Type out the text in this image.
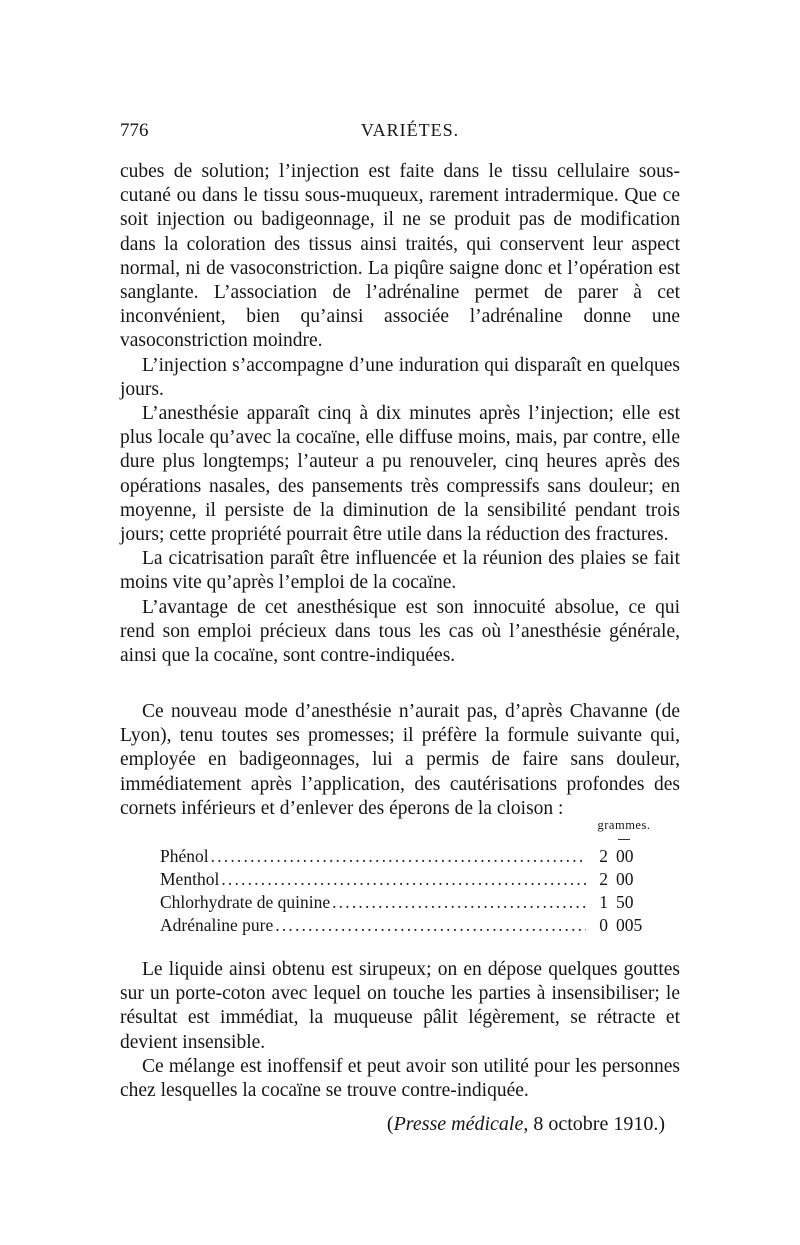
776	VARIÉTES.

cubes de solution; l’injection est faite dans le tissu cellulaire sous-cutané ou dans le tissu sous-muqueux, rarement intradermique. Que ce soit injection ou badigeonnage, il ne se produit pas de modification dans la coloration des tissus ainsi traités, qui conservent leur aspect normal, ni de vasoconstriction. La piqûre saigne donc et l’opération est sanglante. L’association de l’adrénaline permet de parer à cet inconvénient, bien qu’ainsi associée l’adrénaline donne une vasoconstriction moindre.

L’injection s’accompagne d’une induration qui disparaît en quelques jours.

L’anesthésie apparaît cinq à dix minutes après l’injection; elle est plus locale qu’avec la cocaïne, elle diffuse moins, mais, par contre, elle dure plus longtemps; l’auteur a pu renouveler, cinq heures après des opérations nasales, des pansements très compressifs sans douleur; en moyenne, il persiste de la diminution de la sensibilité pendant trois jours; cette propriété pourrait être utile dans la réduction des fractures.

La cicatrisation paraît être influencée et la réunion des plaies se fait moins vite qu’après l’emploi de la cocaïne.

L’avantage de cet anesthésique est son innocuité absolue, ce qui rend son emploi précieux dans tous les cas où l’anesthésie générale, ainsi que la cocaïne, sont contre-indiquées.

Ce nouveau mode d’anesthésie n’aurait pas, d’après Chavanne (de Lyon), tenu toutes ses promesses; il préfère la formule suivante qui, employée en badigeonnages, lui a permis de faire sans douleur, immédiatement après l’application, des cautérisations profondes des cornets inférieurs et d’enlever des éperons de la cloison :

grammes.
Phénol .....	2 00
Menthol .....	2 00
Chlorhydrate de quinine .....	1 50
Adrénaline pure .....	0 005

Le liquide ainsi obtenu est sirupeux; on en dépose quelques gouttes sur un porte-coton avec lequel on touche les parties à insensibiliser; le résultat est immédiat, la muqueuse pâlit légèrement, se rétracte et devient insensible.

Ce mélange est inoffensif et peut avoir son utilité pour les personnes chez lesquelles la cocaïne se trouve contre-indiquée.

(Presse médicale, 8 octobre 1910.)
